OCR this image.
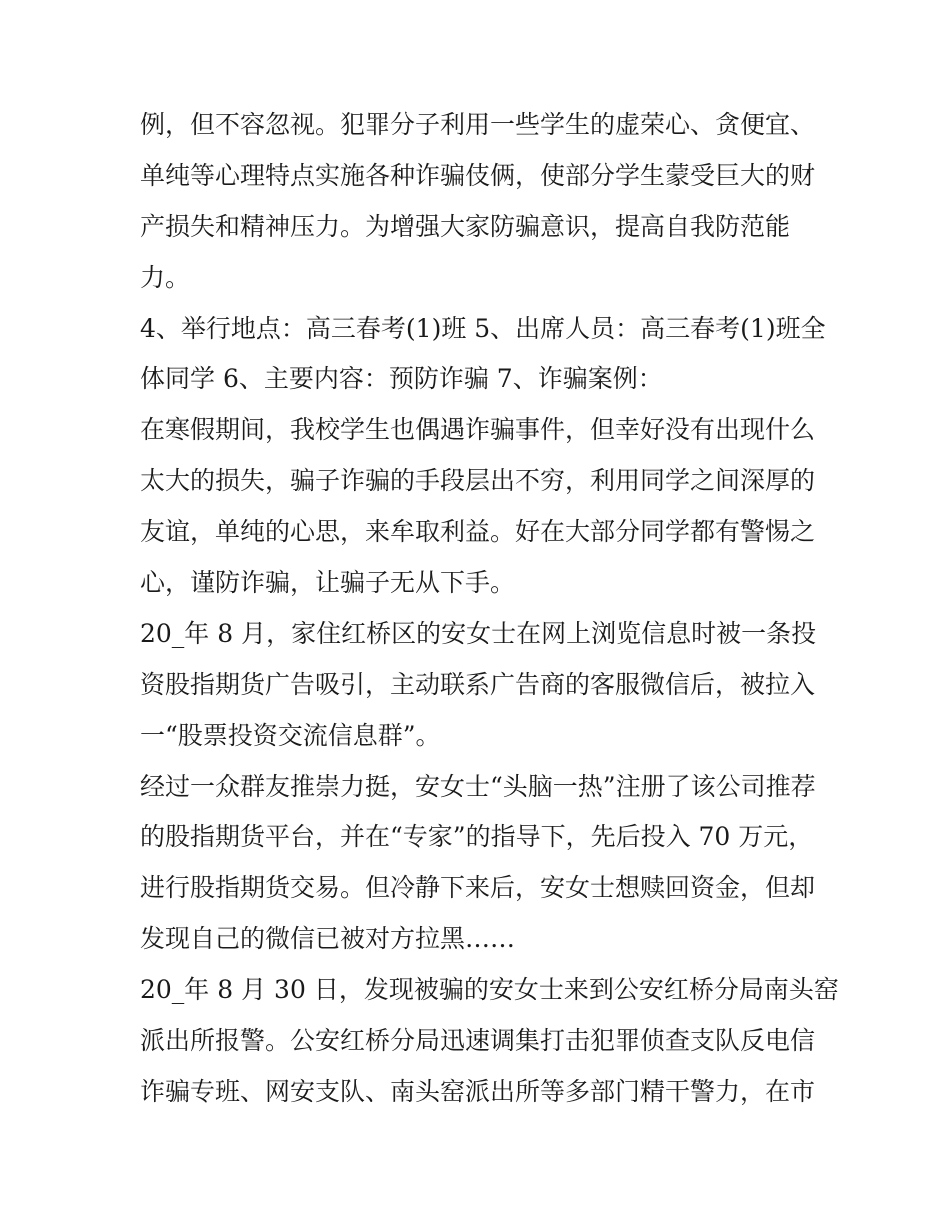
例，但不容忽视。犯罪分子利用一些学生的虚荣心、贪便宜、
单纯等心理特点实施各种诈骗伎俩，使部分学生蒙受巨大的财
产损失和精神压力。为增强大家防骗意识，提高自我防范能
力。
4、举行地点：高三春考(1)班 5、出席人员：高三春考(1)班全
体同学 6、主要内容：预防诈骗 7、诈骗案例：
在寒假期间，我校学生也偶遇诈骗事件，但幸好没有出现什么
太大的损失，骗子诈骗的手段层出不穷，利用同学之间深厚的
友谊，单纯的心思，来牟取利益。好在大部分同学都有警惕之
心，谨防诈骗，让骗子无从下手。
20_年 8 月，家住红桥区的安女士在网上浏览信息时被一条投
资股指期货广告吸引，主动联系广告商的客服微信后，被拉入
一“股票投资交流信息群”。
经过一众群友推崇力挺，安女士“头脑一热”注册了该公司推荐
的股指期货平台，并在“专家”的指导下，先后投入 70 万元，
进行股指期货交易。但冷静下来后，安女士想赎回资金，但却
发现自己的微信已被对方拉黑……
20_年 8 月 30 日，发现被骗的安女士来到公安红桥分局南头窑
派出所报警。公安红桥分局迅速调集打击犯罪侦查支队反电信
诈骗专班、网安支队、南头窑派出所等多部门精干警力，在市
